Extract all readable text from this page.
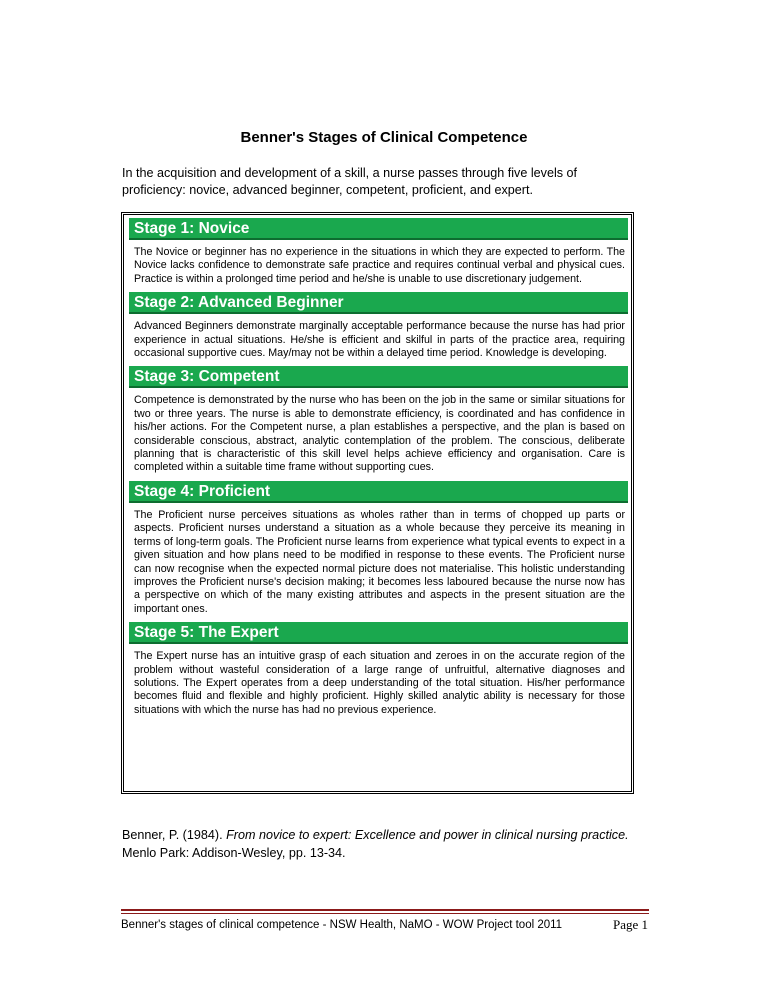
Benner's Stages of Clinical Competence
In the acquisition and development of a skill, a nurse passes through five levels of proficiency: novice, advanced beginner, competent, proficient, and expert.
Stage 1: Novice
The Novice or beginner has no experience in the situations in which they are expected to perform. The Novice lacks confidence to demonstrate safe practice and requires continual verbal and physical cues. Practice is within a prolonged time period and he/she is unable to use discretionary judgement.
Stage 2: Advanced Beginner
Advanced Beginners demonstrate marginally acceptable performance because the nurse has had prior experience in actual situations. He/she is efficient and skilful in parts of the practice area, requiring occasional supportive cues. May/may not be within a delayed time period. Knowledge is developing.
Stage 3: Competent
Competence is demonstrated by the nurse who has been on the job in the same or similar situations for two or three years. The nurse is able to demonstrate efficiency, is coordinated and has confidence in his/her actions. For the Competent nurse, a plan establishes a perspective, and the plan is based on considerable conscious, abstract, analytic contemplation of the problem. The conscious, deliberate planning that is characteristic of this skill level helps achieve efficiency and organisation. Care is completed within a suitable time frame without supporting cues.
Stage 4: Proficient
The Proficient nurse perceives situations as wholes rather than in terms of chopped up parts or aspects. Proficient nurses understand a situation as a whole because they perceive its meaning in terms of long-term goals. The Proficient nurse learns from experience what typical events to expect in a given situation and how plans need to be modified in response to these events. The Proficient nurse can now recognise when the expected normal picture does not materialise. This holistic understanding improves the Proficient nurse's decision making; it becomes less laboured because the nurse now has a perspective on which of the many existing attributes and aspects in the present situation are the important ones.
Stage 5: The Expert
The Expert nurse has an intuitive grasp of each situation and zeroes in on the accurate region of the problem without wasteful consideration of a large range of unfruitful, alternative diagnoses and solutions. The Expert operates from a deep understanding of the total situation. His/her performance becomes fluid and flexible and highly proficient. Highly skilled analytic ability is necessary for those situations with which the nurse has had no previous experience.
Benner, P. (1984). From novice to expert: Excellence and power in clinical nursing practice.
Menlo Park: Addison-Wesley, pp. 13-34.
Benner's stages of clinical competence - NSW Health, NaMO - WOW Project tool 2011	Page 1
